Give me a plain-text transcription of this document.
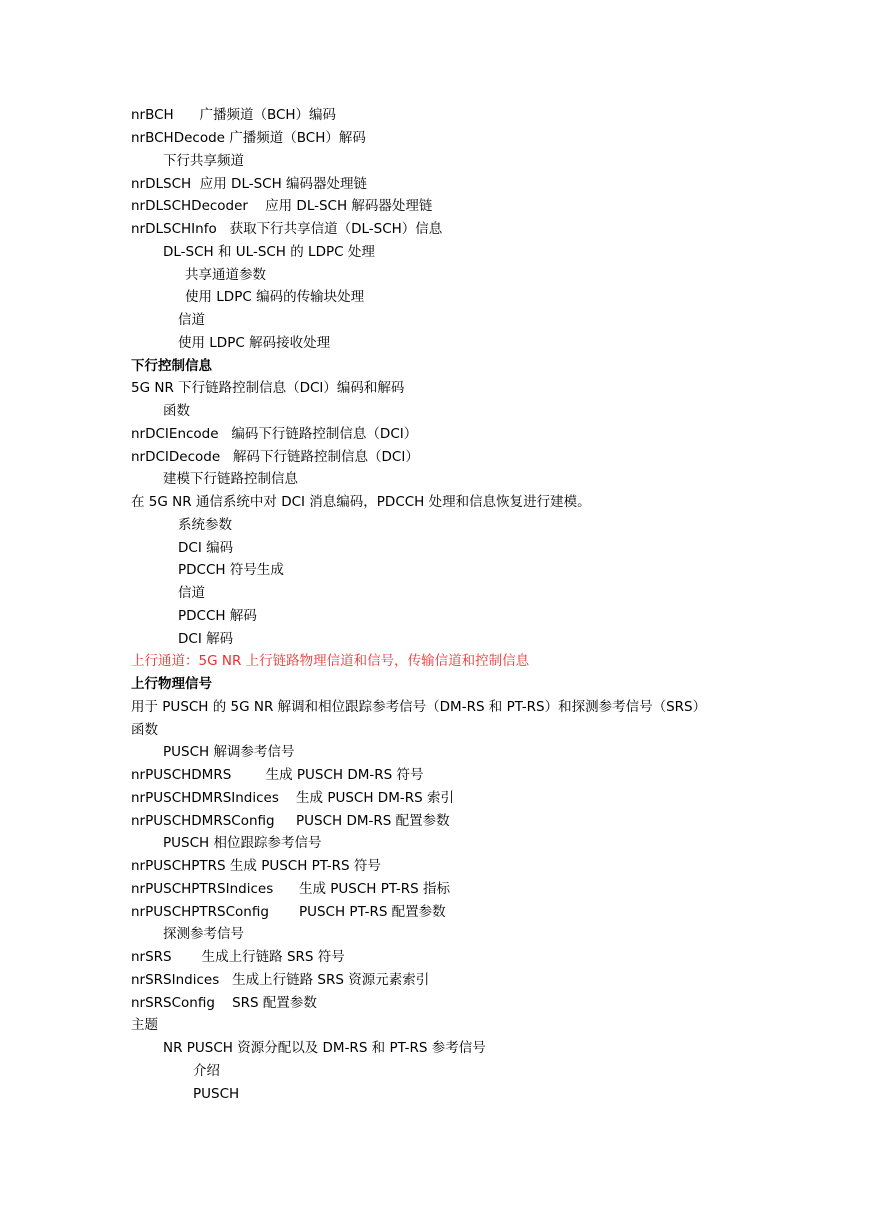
nrBCH      广播频道（BCH）编码
nrBCHDecode 广播频道（BCH）解码
下行共享频道
nrDLSCH  应用 DL-SCH 编码器处理链
nrDLSCHDecoder    应用 DL-SCH 解码器处理链
nrDLSCHInfo   获取下行共享信道（DL-SCH）信息
DL-SCH 和 UL-SCH 的 LDPC 处理
共享通道参数
使用 LDPC 编码的传输块处理
信道
使用 LDPC 解码接收处理
下行控制信息
5G NR 下行链路控制信息（DCI）编码和解码
函数
nrDCIEncode   编码下行链路控制信息（DCI）
nrDCIDecode   解码下行链路控制信息（DCI）
建模下行链路控制信息
在 5G NR 通信系统中对 DCI 消息编码，PDCCH 处理和信息恢复进行建模。
系统参数
DCI 编码
PDCCH 符号生成
信道
PDCCH 解码
DCI 解码
上行通道：5G NR 上行链路物理信道和信号，传输信道和控制信息
上行物理信号
用于 PUSCH 的 5G NR 解调和相位跟踪参考信号（DM-RS 和 PT-RS）和探测参考信号（SRS）
函数
PUSCH 解调参考信号
nrPUSCHDMRS        生成 PUSCH DM-RS 符号
nrPUSCHDMRSIndices    生成 PUSCH DM-RS 索引
nrPUSCHDMRSConfig     PUSCH DM-RS 配置参数
PUSCH 相位跟踪参考信号
nrPUSCHPTRS 生成 PUSCH PT-RS 符号
nrPUSCHPTRSIndices      生成 PUSCH PT-RS 指标
nrPUSCHPTRSConfig       PUSCH PT-RS 配置参数
探测参考信号
nrSRS       生成上行链路 SRS 符号
nrSRSIndices   生成上行链路 SRS 资源元素索引
nrSRSConfig    SRS 配置参数
主题
NR PUSCH 资源分配以及 DM-RS 和 PT-RS 参考信号
介绍
PUSCH
